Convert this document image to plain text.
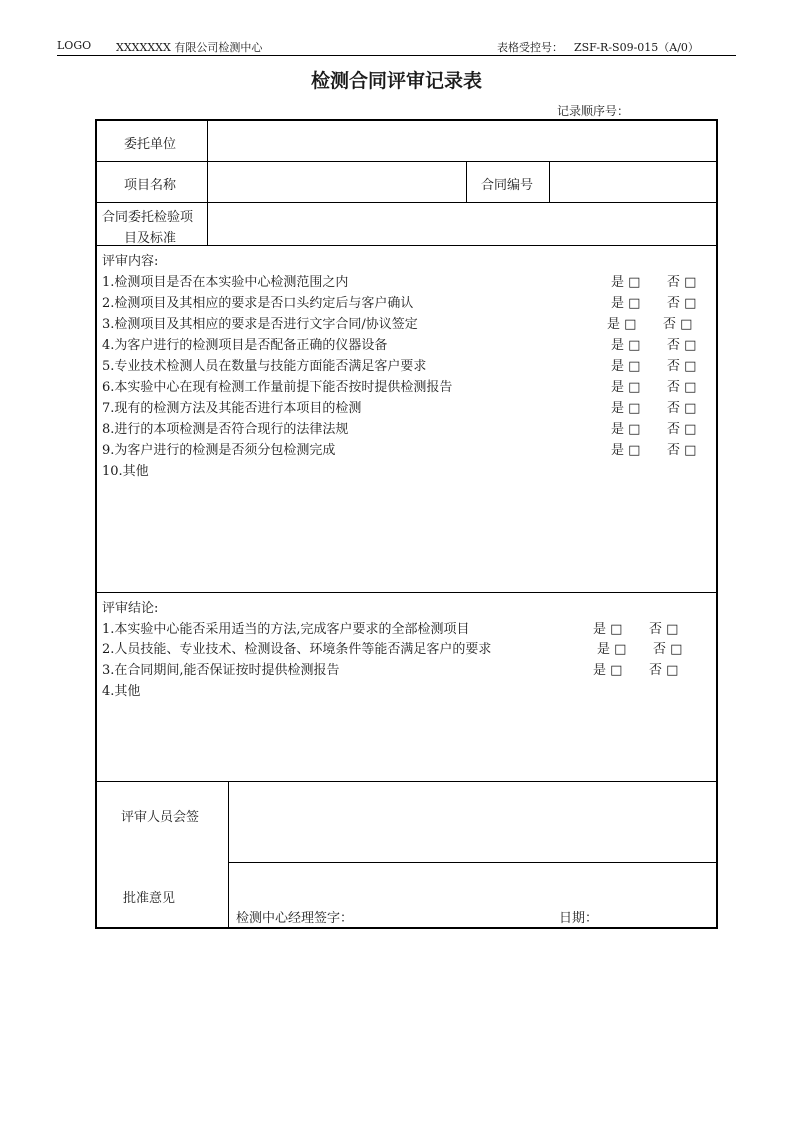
LOGO XXXXXXX 有限公司检测中心	表格受控号： ZSF-R-S09-015（A/0）
检测合同评审记录表
记录顺序号：
委托单位
项目名称	合同编号
合同委托检验项
目及标准
评审内容:
1.检测项目是否在本实验中心检测范围之内	是 □ 否 □
2.检测项目及其相应的要求是否口头约定后与客户确认	是 □ 否 □
3.检测项目及其相应的要求是否进行文字合同/协议签定	是 □ 否 □
4.为客户进行的检测项目是否配备正确的仪器设备	是 □ 否 □
5.专业技术检测人员在数量与技能方面能否满足客户要求	是 □ 否 □
6.本实验中心在现有检测工作量前提下能否按时提供检测报告	是 □ 否 □
7.现有的检测方法及其能否进行本项目的检测	是 □ 否 □
8.进行的本项检测是否符合现行的法律法规	是 □ 否 □
9.为客户进行的检测是否须分包检测完成	是 □ 否 □
10.其他
评审结论:
1.本实验中心能否采用适当的方法,完成客户要求的全部检测项目	是 □ 否 □
2.人员技能、专业技术、检测设备、环境条件等能否满足客户的要求	是 □ 否 □
3.在合同期间,能否保证按时提供检测报告	是 □ 否 □
4.其他
评审人员会签
批准意见
检测中心经理签字：	日期：
